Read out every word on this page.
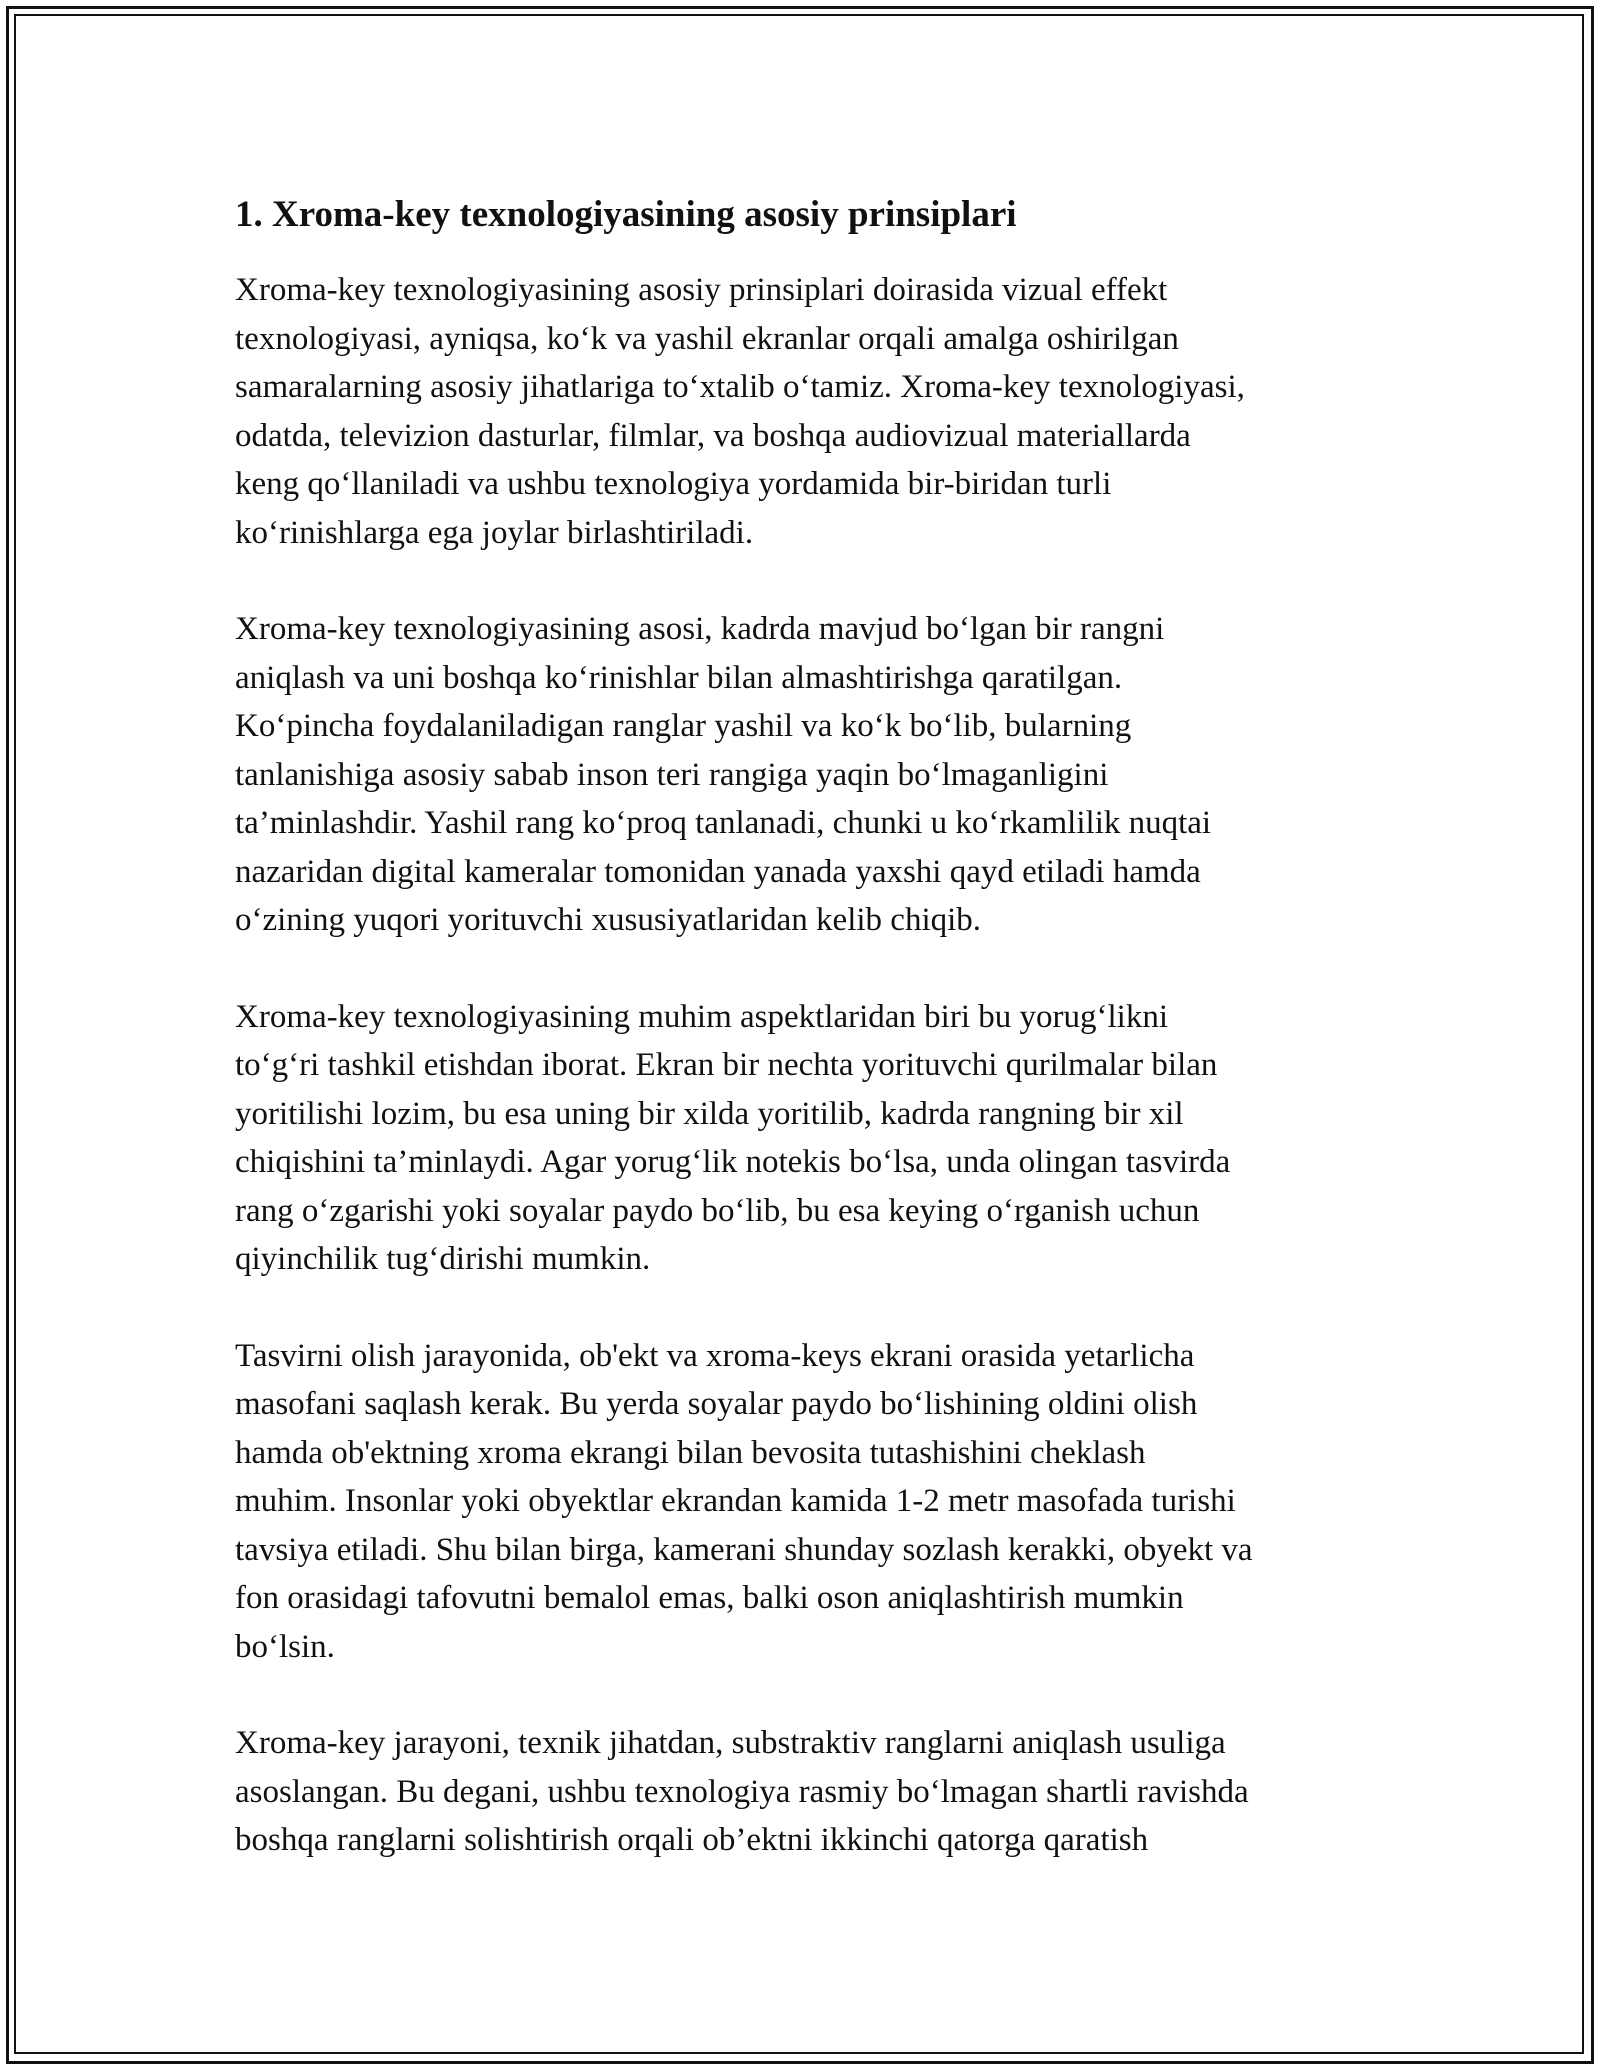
1. Xroma-key texnologiyasining asosiy prinsiplari

Xroma-key texnologiyasining asosiy prinsiplari doirasida vizual effekt
texnologiyasi, ayniqsa, ko‘k va yashil ekranlar orqali amalga oshirilgan
samaralarning asosiy jihatlariga to‘xtalib o‘tamiz. Xroma-key texnologiyasi,
odatda, televizion dasturlar, filmlar, va boshqa audiovizual materiallarda
keng qo‘llaniladi va ushbu texnologiya yordamida bir-biridan turli
ko‘rinishlarga ega joylar birlashtiriladi.

Xroma-key texnologiyasining asosi, kadrda mavjud bo‘lgan bir rangni
aniqlash va uni boshqa ko‘rinishlar bilan almashtirishga qaratilgan.
Ko‘pincha foydalaniladigan ranglar yashil va ko‘k bo‘lib, bularning
tanlanishiga asosiy sabab inson teri rangiga yaqin bo‘lmaganligini
ta’minlashdir. Yashil rang ko‘proq tanlanadi, chunki u ko‘rkamlilik nuqtai
nazaridan digital kameralar tomonidan yanada yaxshi qayd etiladi hamda
o‘zining yuqori yorituvchi xususiyatlaridan kelib chiqib.

Xroma-key texnologiyasining muhim aspektlaridan biri bu yorug‘likni
to‘g‘ri tashkil etishdan iborat. Ekran bir nechta yorituvchi qurilmalar bilan
yoritilishi lozim, bu esa uning bir xilda yoritilib, kadrda rangning bir xil
chiqishini ta’minlaydi. Agar yorug‘lik notekis bo‘lsa, unda olingan tasvirda
rang o‘zgarishi yoki soyalar paydo bo‘lib, bu esa keying o‘rganish uchun
qiyinchilik tug‘dirishi mumkin.

Tasvirni olish jarayonida, ob'ekt va xroma-keys ekrani orasida yetarlicha
masofani saqlash kerak. Bu yerda soyalar paydo bo‘lishining oldini olish
hamda ob'ektning xroma ekrangi bilan bevosita tutashishini cheklash
muhim. Insonlar yoki obyektlar ekrandan kamida 1-2 metr masofada turishi
tavsiya etiladi. Shu bilan birga, kamerani shunday sozlash kerakki, obyekt va
fon orasidagi tafovutni bemalol emas, balki oson aniqlashtirish mumkin
bo‘lsin.

Xroma-key jarayoni, texnik jihatdan, substraktiv ranglarni aniqlash usuliga
asoslangan. Bu degani, ushbu texnologiya rasmiy bo‘lmagan shartli ravishda
boshqa ranglarni solishtirish orqali ob’ektni ikkinchi qatorga qaratish
